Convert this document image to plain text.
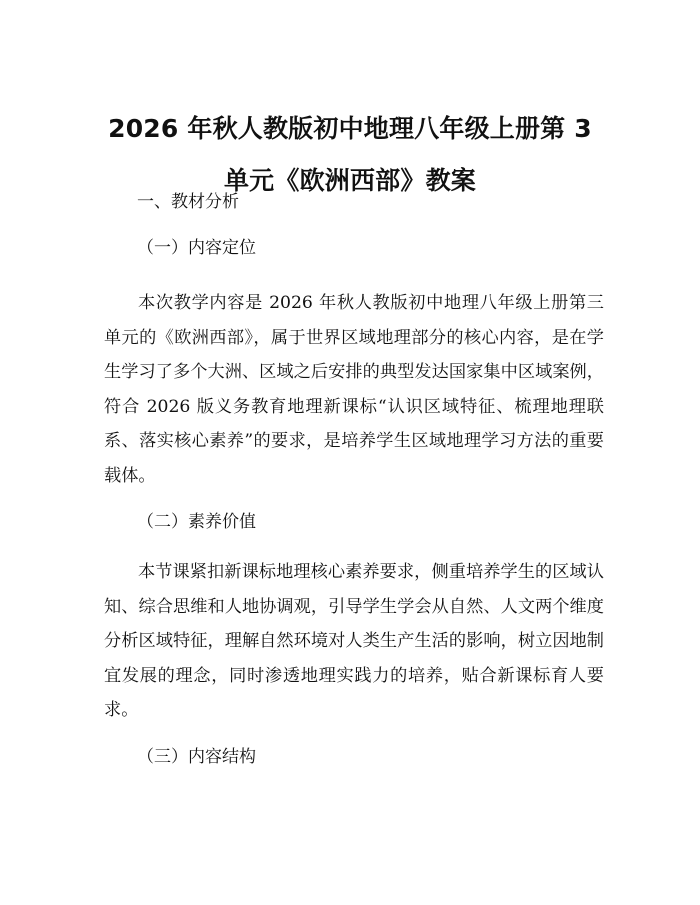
2026 年秋人教版初中地理八年级上册第 3 单元《欧洲西部》教案
一、教材分析
（一）内容定位

本次教学内容是 2026 年秋人教版初中地理八年级上册第三单元的《欧洲西部》，属于世界区域地理部分的核心内容，是在学生学习了多个大洲、区域之后安排的典型发达国家集中区域案例，符合 2026 版义务教育地理新课标“认识区域特征、梳理地理联系、落实核心素养”的要求，是培养学生区域地理学习方法的重要载体。

（二）素养价值

本节课紧扣新课标地理核心素养要求，侧重培养学生的区域认知、综合思维和人地协调观，引导学生学会从自然、人文两个维度分析区域特征，理解自然环境对人类生产生活的影响，树立因地制宜发展的理念，同时渗透地理实践力的培养，贴合新课标育人要求。

（三）内容结构
